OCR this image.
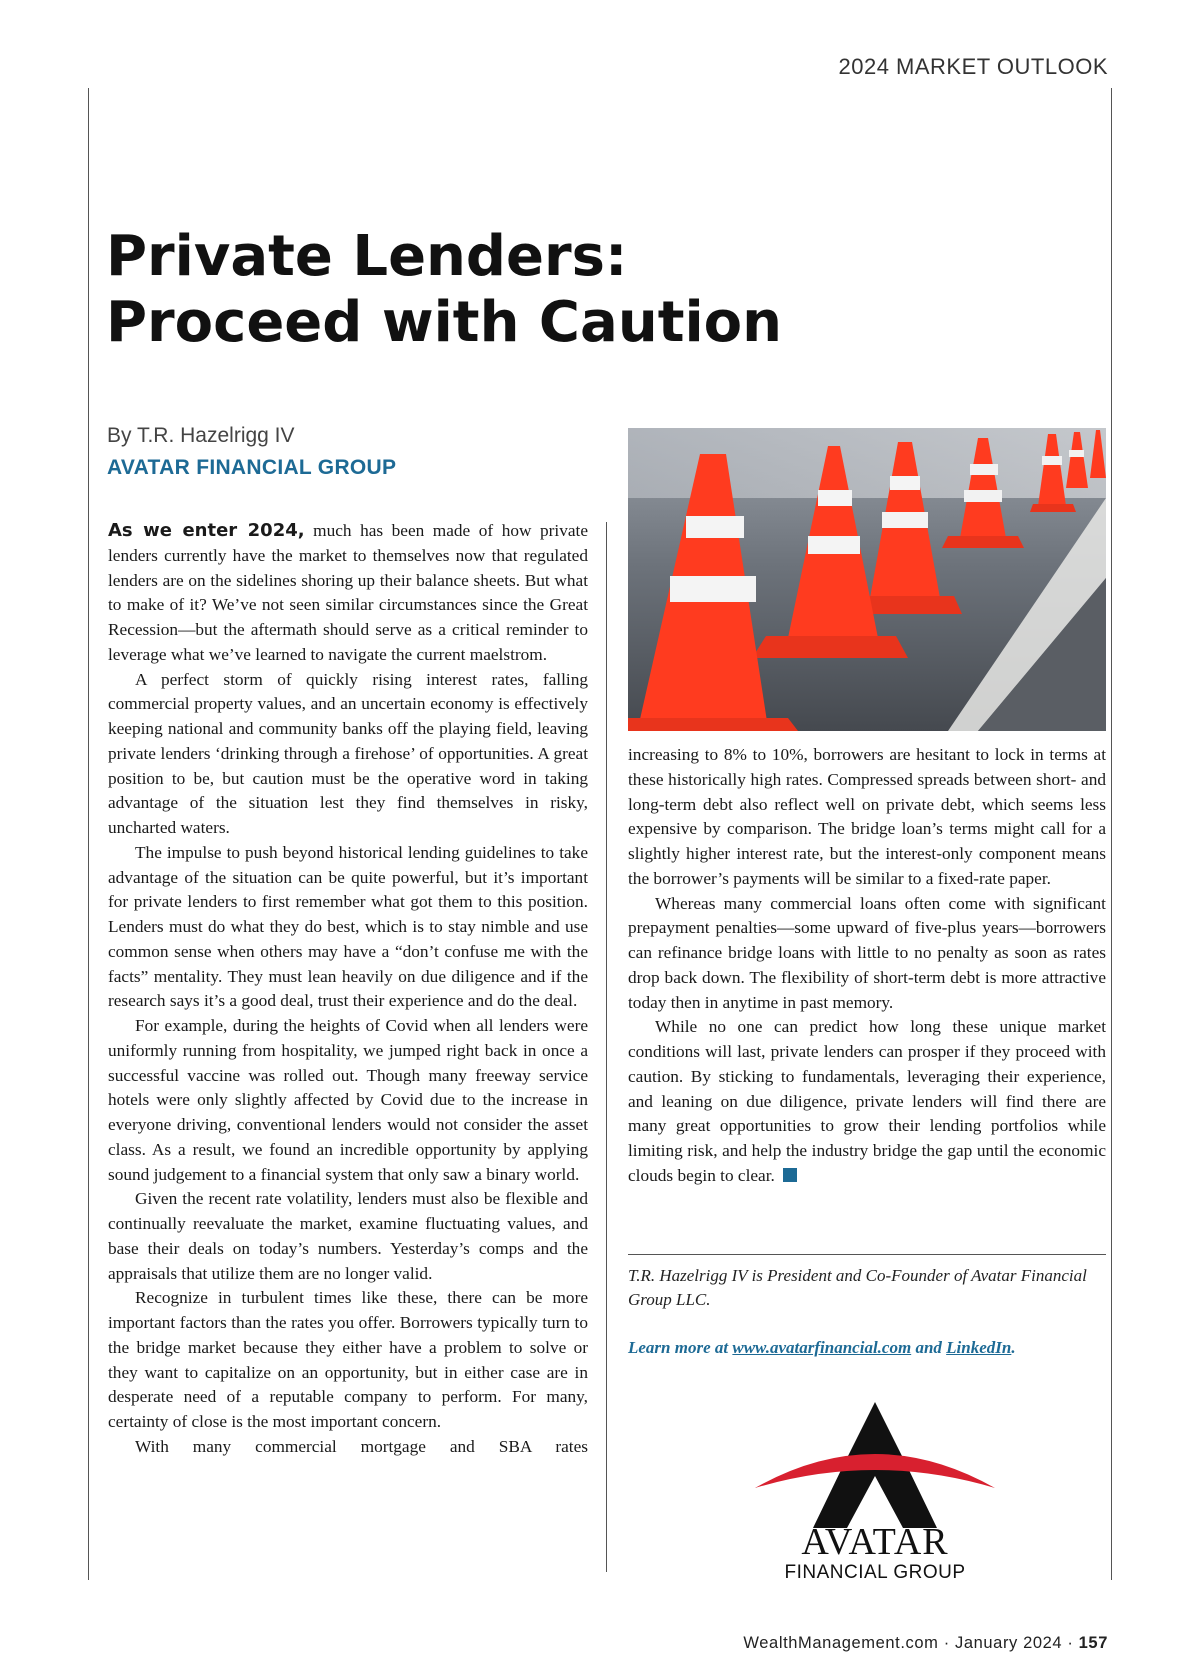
2024 MARKET OUTLOOK
Private Lenders:
Proceed with Caution
By T.R. Hazelrigg IV
AVATAR FINANCIAL GROUP

As we enter 2024, much has been made of how private lenders currently have the market to themselves now that regulated lenders are on the sidelines shoring up their balance sheets. But what to make of it? We’ve not seen similar circumstances since the Great Recession—but the aftermath should serve as a critical reminder to leverage what we’ve learned to navigate the current maelstrom.

A perfect storm of quickly rising interest rates, falling commercial property values, and an uncertain economy is effectively keeping national and community banks off the playing field, leaving private lenders ‘drinking through a firehose’ of opportunities. A great position to be, but caution must be the operative word in taking advantage of the situation lest they find themselves in risky, uncharted waters.

The impulse to push beyond historical lending guidelines to take advantage of the situation can be quite powerful, but it’s important for private lenders to first remember what got them to this position. Lenders must do what they do best, which is to stay nimble and use common sense when others may have a “don’t confuse me with the facts” mentality. They must lean heavily on due diligence and if the research says it’s a good deal, trust their experience and do the deal.

For example, during the heights of Covid when all lenders were uniformly running from hospitality, we jumped right back in once a successful vaccine was rolled out. Though many freeway service hotels were only slightly affected by Covid due to the increase in everyone driving, conventional lenders would not consider the asset class. As a result, we found an incredible opportunity by applying sound judgement to a financial system that only saw a binary world.

Given the recent rate volatility, lenders must also be flexible and continually reevaluate the market, examine fluctuating values, and base their deals on today’s numbers. Yesterday’s comps and the appraisals that utilize them are no longer valid.

Recognize in turbulent times like these, there can be more important factors than the rates you offer. Borrowers typically turn to the bridge market because they either have a problem to solve or they want to capitalize on an opportunity, but in either case are in desperate need of a reputable company to perform. For many, certainty of close is the most important concern.

With many commercial mortgage and SBA rates

increasing to 8% to 10%, borrowers are hesitant to lock in terms at these historically high rates. Compressed spreads between short- and long-term debt also reflect well on private debt, which seems less expensive by comparison. The bridge loan’s terms might call for a slightly higher interest rate, but the interest-only component means the borrower’s payments will be similar to a fixed-rate paper.

Whereas many commercial loans often come with significant prepayment penalties—some upward of five-plus years—borrowers can refinance bridge loans with little to no penalty as soon as rates drop back down. The flexibility of short-term debt is more attractive today then in anytime in past memory.

While no one can predict how long these unique market conditions will last, private lenders can prosper if they proceed with caution. By sticking to fundamentals, leveraging their experience, and leaning on due diligence, private lenders will find there are many great opportunities to grow their lending portfolios while limiting risk, and help the industry bridge the gap until the economic clouds begin to clear.

T.R. Hazelrigg IV is President and Co-Founder of Avatar Financial Group LLC.
Learn more at www.avatarfinancial.com and LinkedIn.
AVATAR
FINANCIAL GROUP
WealthManagement.com · January 2024 · 157
